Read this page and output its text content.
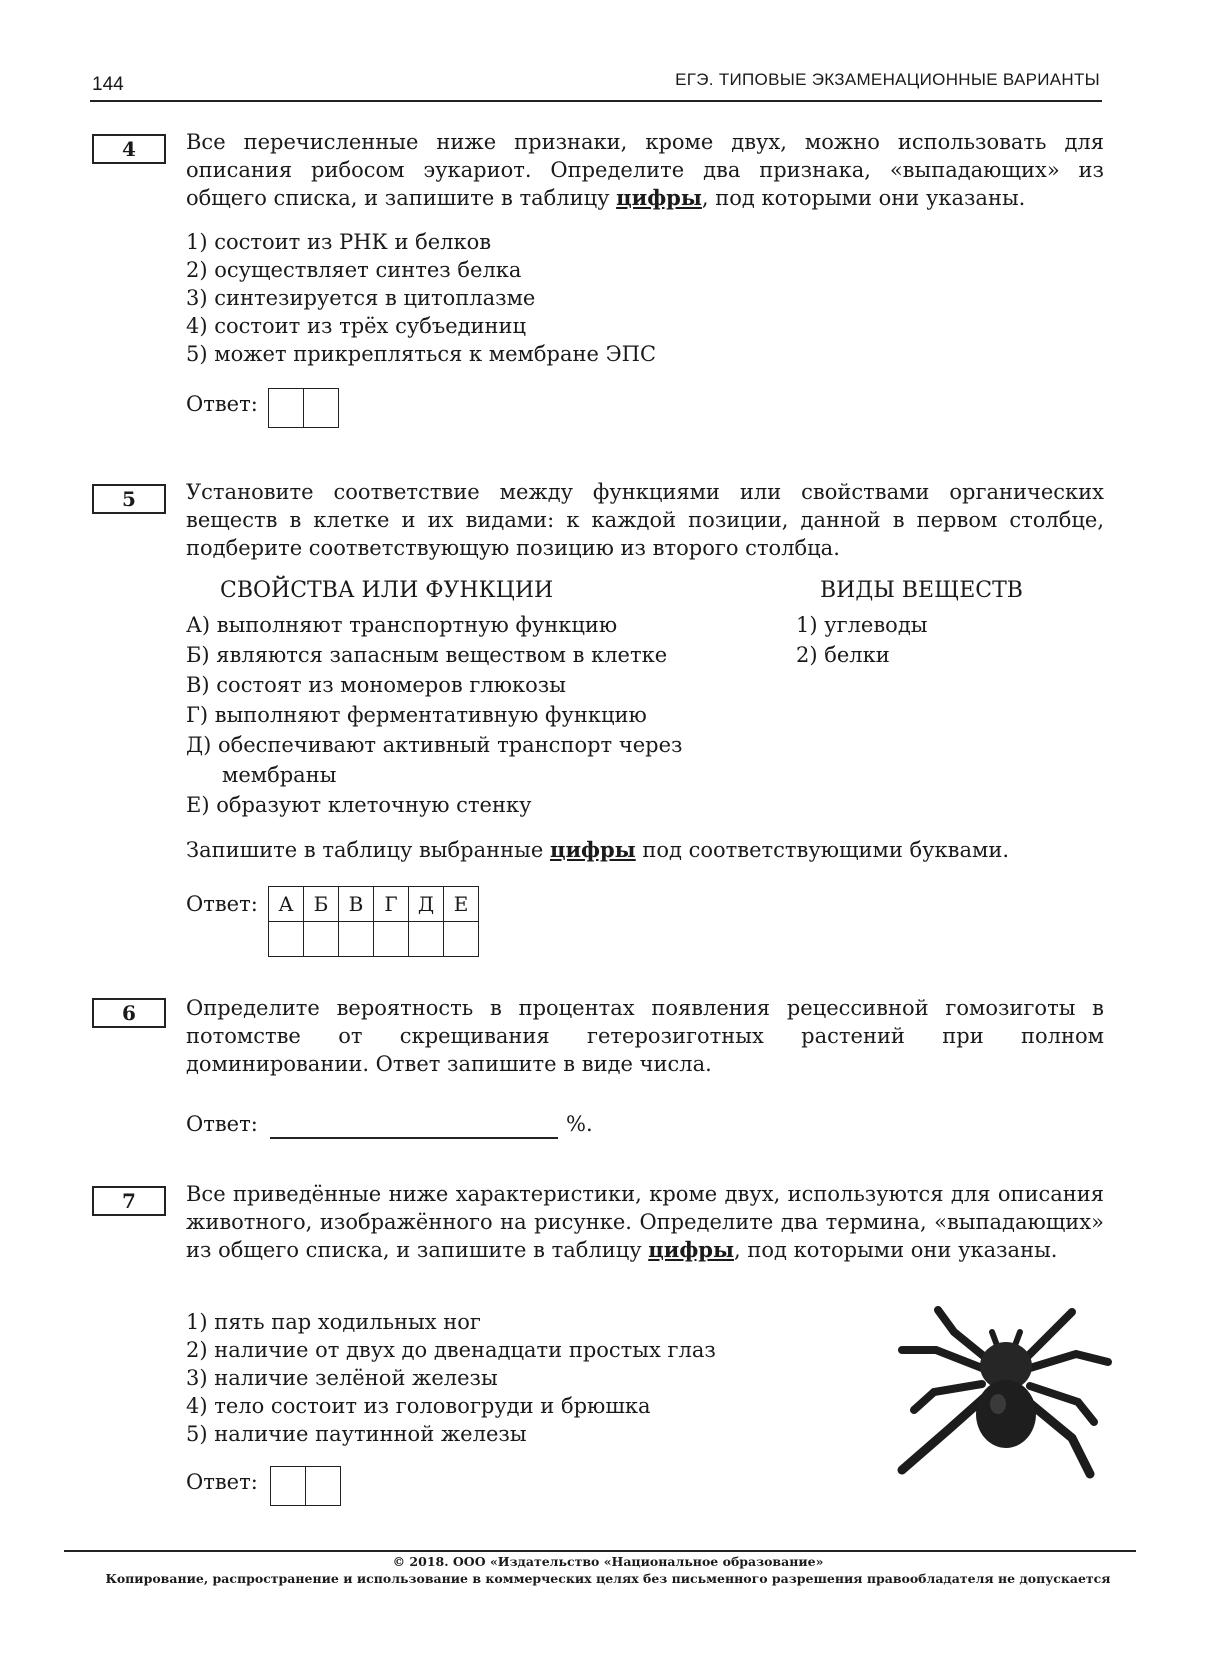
144	ЕГЭ. ТИПОВЫЕ ЭКЗАМЕНАЦИОННЫЕ ВАРИАНТЫ
4	Все перечисленные ниже признаки, кроме двух, можно использовать для описания рибосом эукариот. Определите два признака, «выпадающих» из общего списка, и запишите в таблицу цифры, под которыми они указаны.
1) состоит из РНК и белков
2) осуществляет синтез белка
3) синтезируется в цитоплазме
4) состоит из трёх субъединиц
5) может прикрепляться к мембране ЭПС
Ответ:
5	Установите соответствие между функциями или свойствами органических веществ в клетке и их видами: к каждой позиции, данной в первом столбце, подберите соответствующую позицию из второго столбца.
СВОЙСТВА ИЛИ ФУНКЦИИ	ВИДЫ ВЕЩЕСТВ
А) выполняют транспортную функцию
Б) являются запасным веществом в клетке
В) состоят из мономеров глюкозы
Г) выполняют ферментативную функцию
Д) обеспечивают активный транспорт через
мембраны
Е) образуют клеточную стенку
1) углеводы
2) белки
Запишите в таблицу выбранные цифры под соответствующими буквами.
Ответ: А	Б	В	Г	Д	Е

6	Определите вероятность в процентах появления рецессивной гомозиготы в потомстве от скрещивания гетерозиготных растений при полном доминировании. Ответ запишите в виде числа.
Ответ:	%.
7	Все приведённые ниже характеристики, кроме двух, используются для описания животного, изображённого на рисунке. Определите два термина, «выпадающих» из общего списка, и запишите в таблицу цифры, под которыми они указаны.
1) пять пар ходильных ног
2) наличие от двух до двенадцати простых глаз
3) наличие зелёной железы
4) тело состоит из головогруди и брюшка
5) наличие паутинной железы
Ответ:
© 2018. ООО «Издательство «Национальное образование»
Копирование, распространение и использование в коммерческих целях без письменного разрешения правообладателя не допускается
